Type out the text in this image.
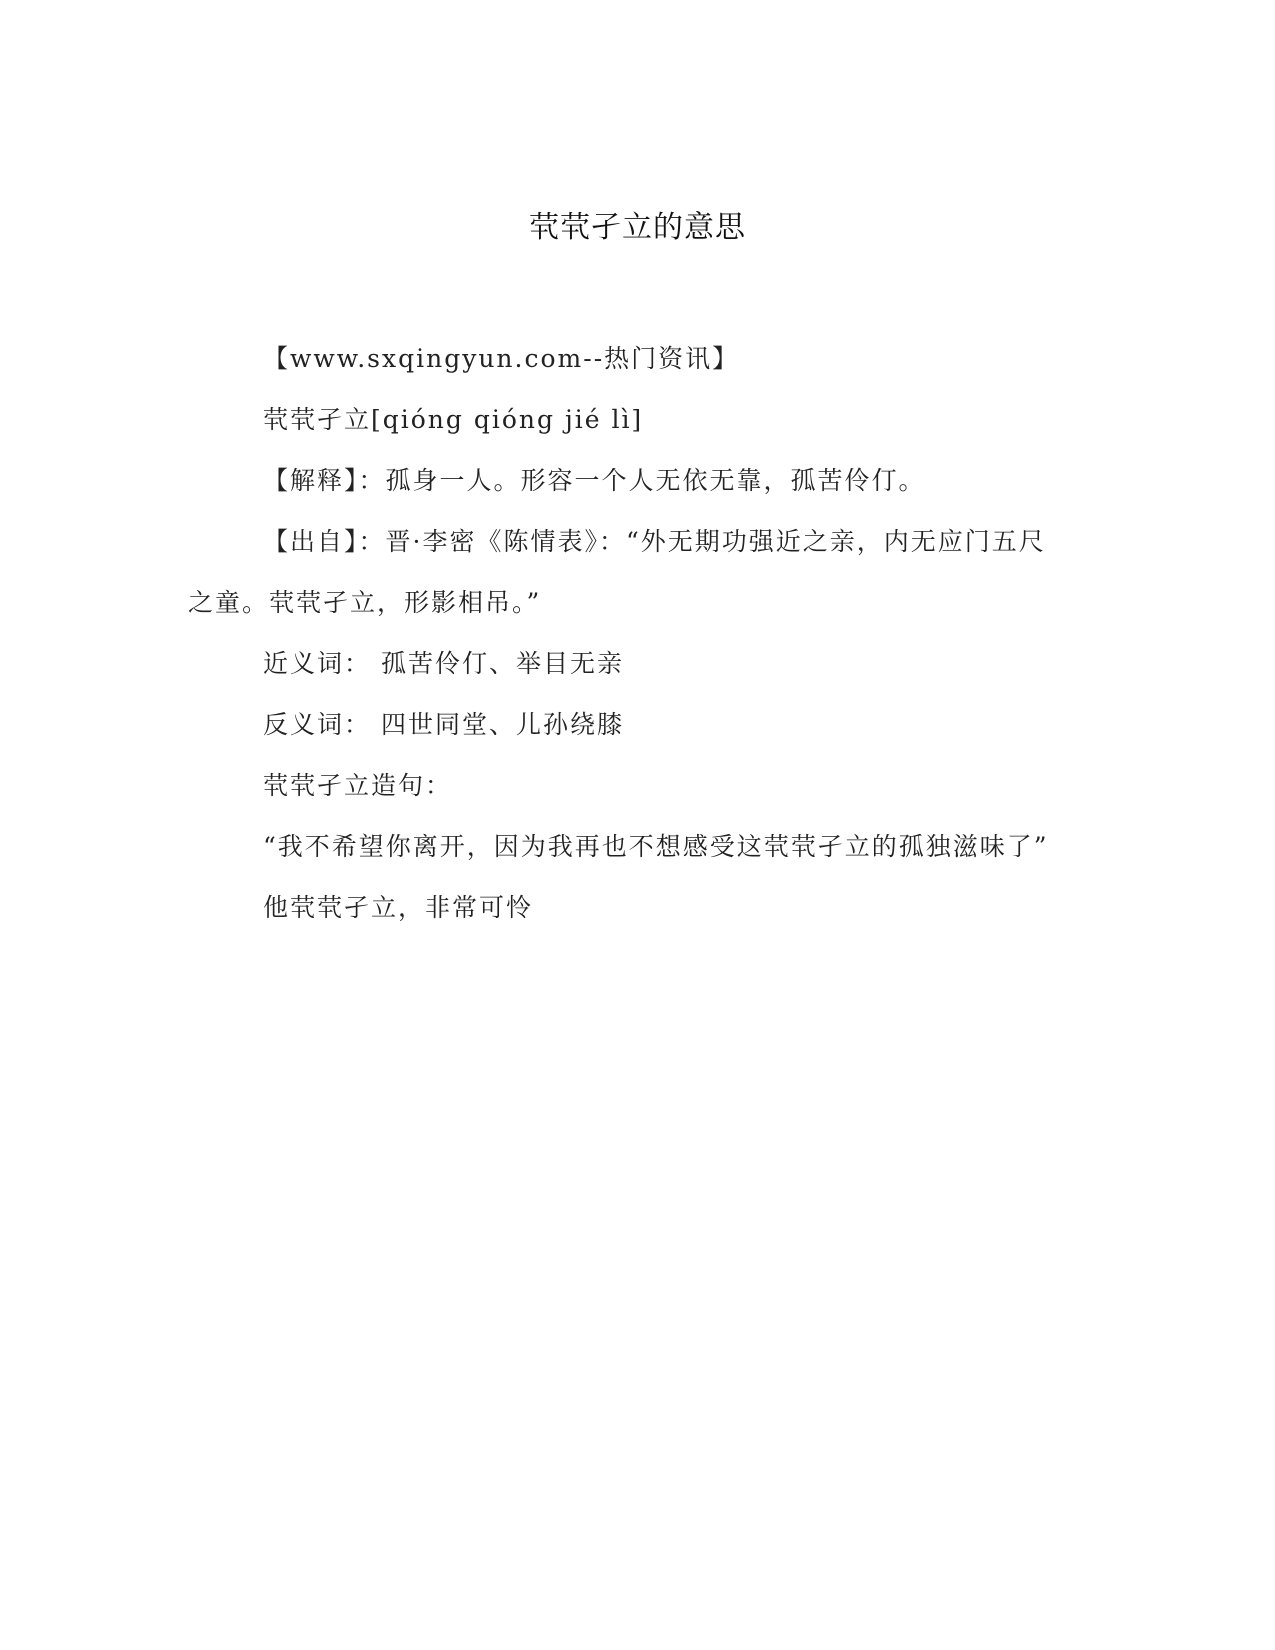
茕茕孑立的意思

【www.sxqingyun.com--热门资讯】

茕茕孑立[qióng qióng jié lì]

【解释】：孤身一人。形容一个人无依无靠，孤苦伶仃。

【出自】：晋·李密《陈情表》：“外无期功强近之亲，内无应门五尺之童。茕茕孑立，形影相吊。”

近义词： 孤苦伶仃、举目无亲

反义词： 四世同堂、儿孙绕膝

茕茕孑立造句：

“我不希望你离开，因为我再也不想感受这茕茕孑立的孤独滋味了”

他茕茕孑立，非常可怜
